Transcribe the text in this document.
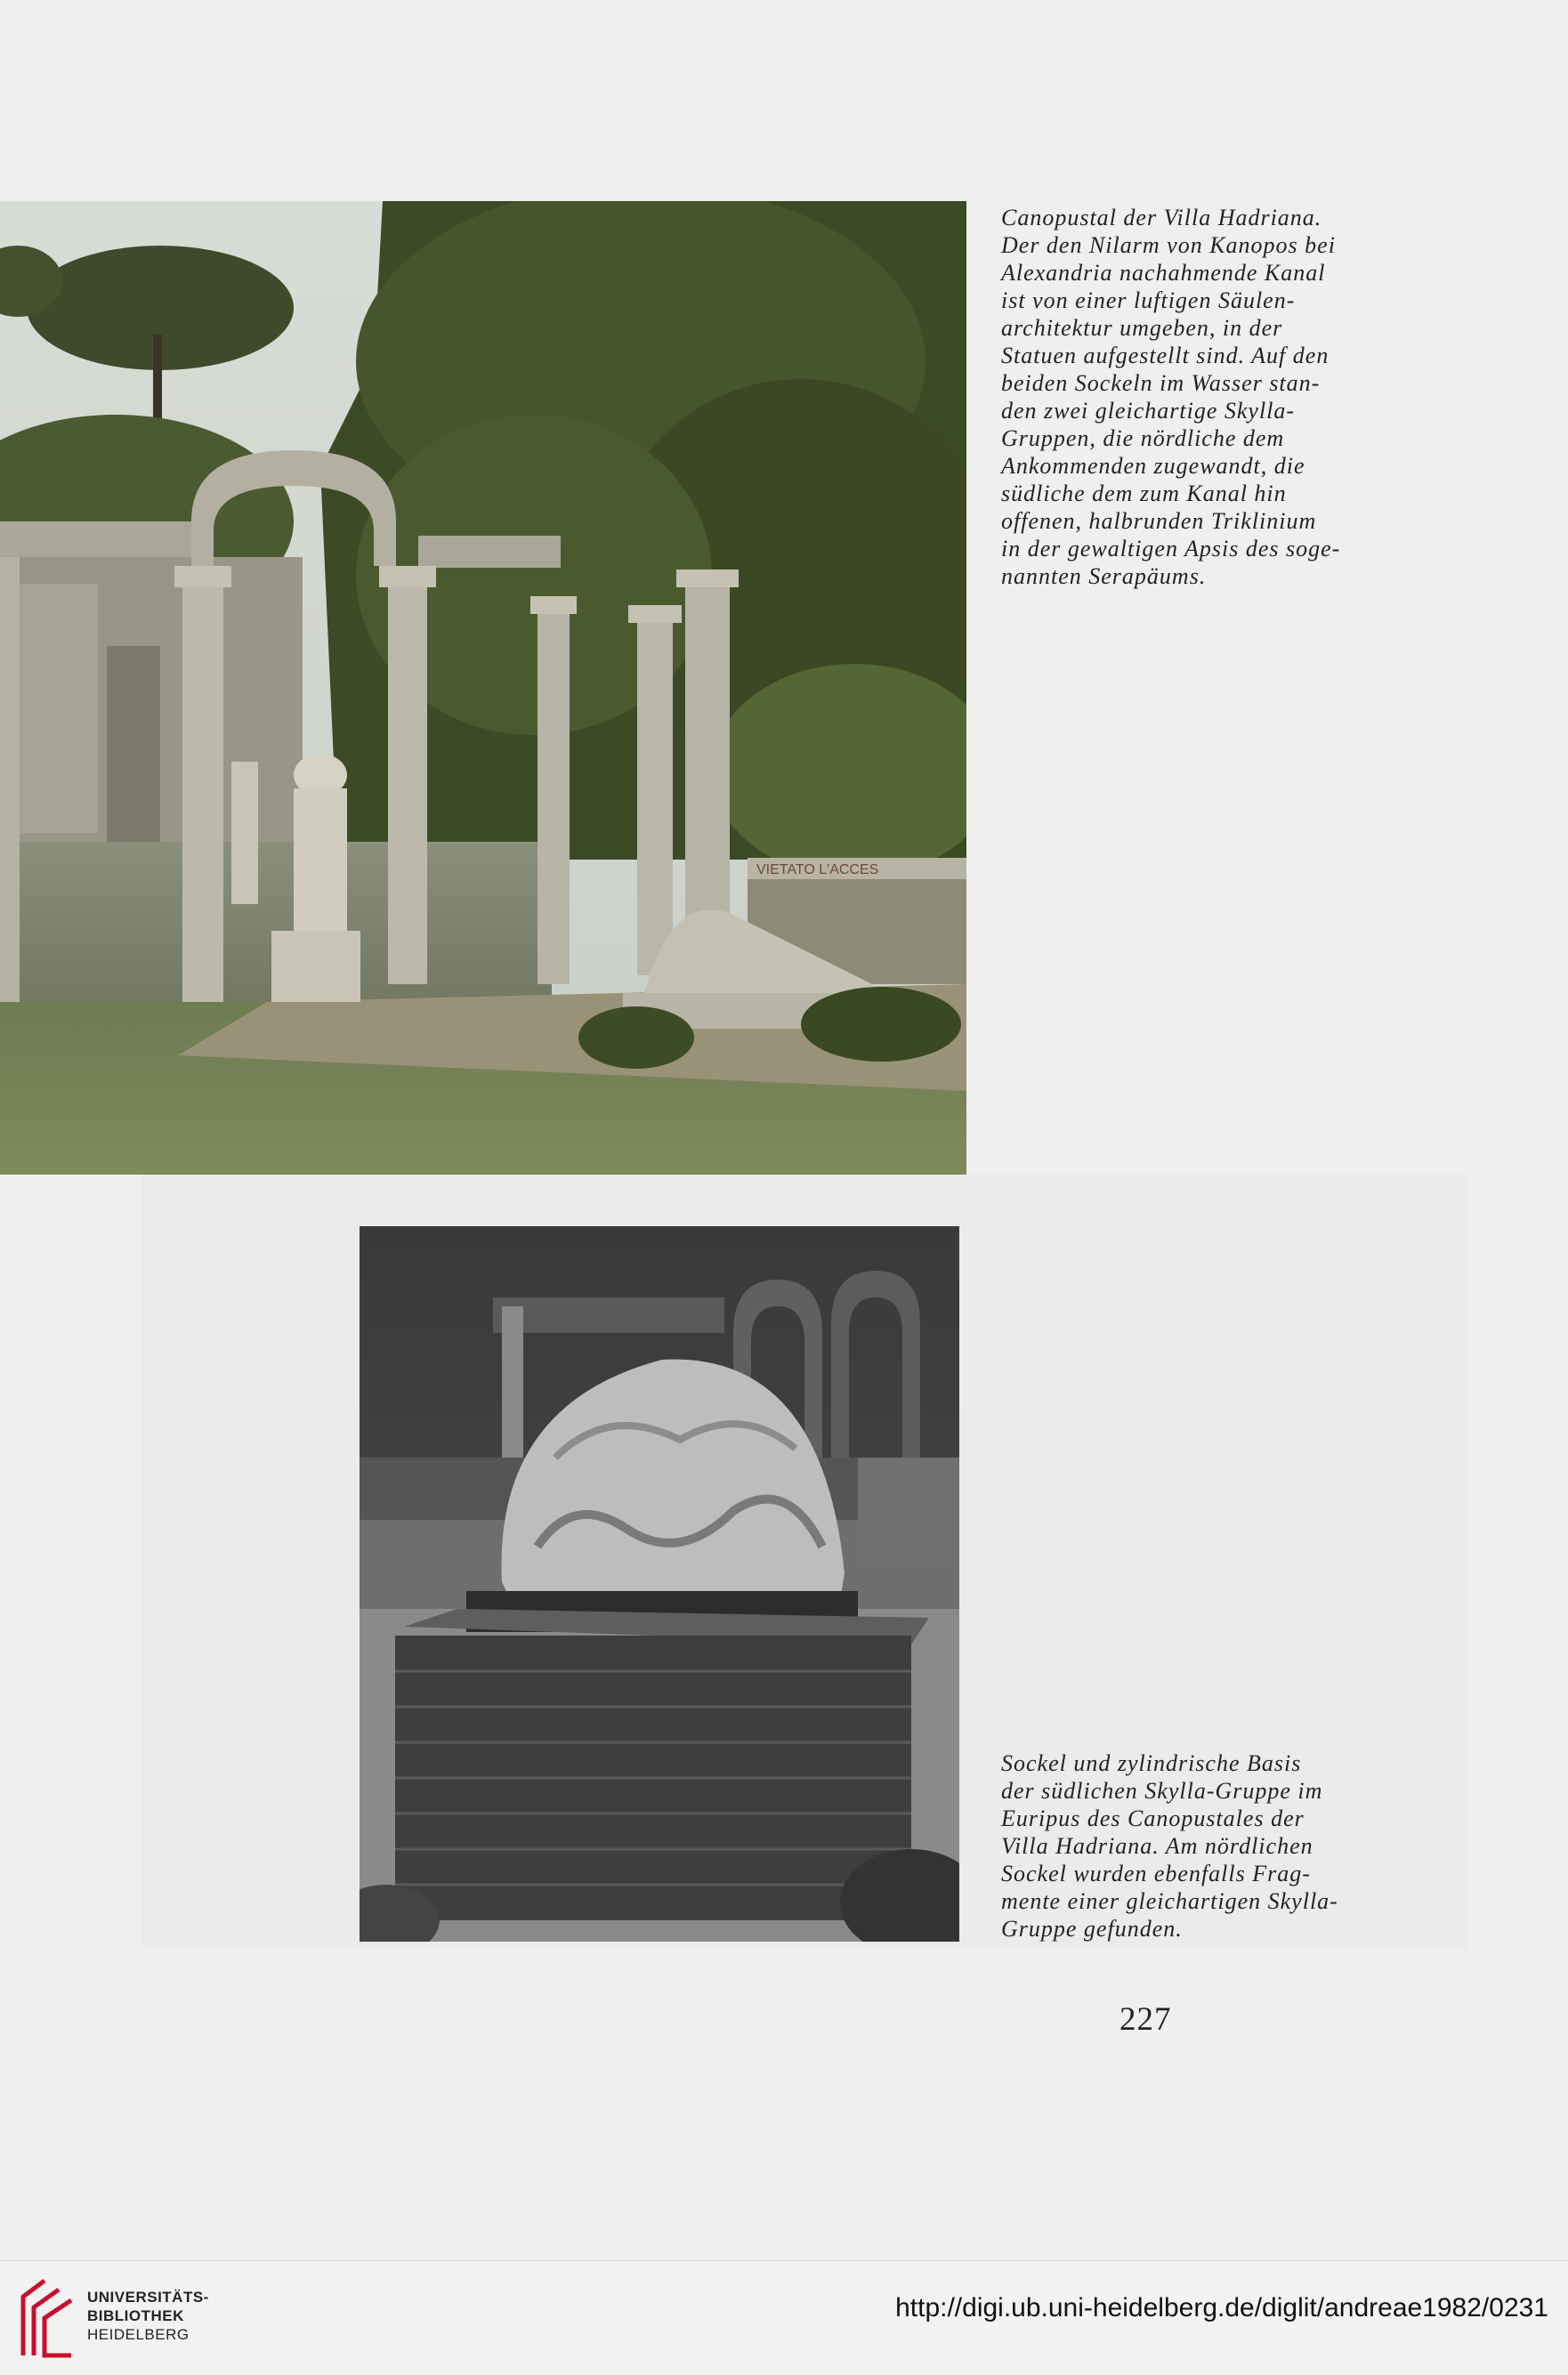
VIETATO L'ACCES
Canopustal der Villa Hadriana.
Der den Nilarm von Kanopos bei
Alexandria nachahmende Kanal
ist von einer luftigen Säulen-
architektur umgeben, in der
Statuen aufgestellt sind. Auf den
beiden Sockeln im Wasser stan-
den zwei gleichartige Skylla-
Gruppen, die nördliche dem
Ankommenden zugewandt, die
südliche dem zum Kanal hin
offenen, halbrunden Triklinium
in der gewaltigen Apsis des soge-
nannten Serapäums.
Sockel und zylindrische Basis
der südlichen Skylla-Gruppe im
Euripus des Canopustales der
Villa Hadriana. Am nördlichen
Sockel wurden ebenfalls Frag-
mente einer gleichartigen Skylla-
Gruppe gefunden.
227
UNIVERSITÄTS-
BIBLIOTHEK
HEIDELBERG
http://digi.ub.uni-heidelberg.de/diglit/andreae1982/0231
